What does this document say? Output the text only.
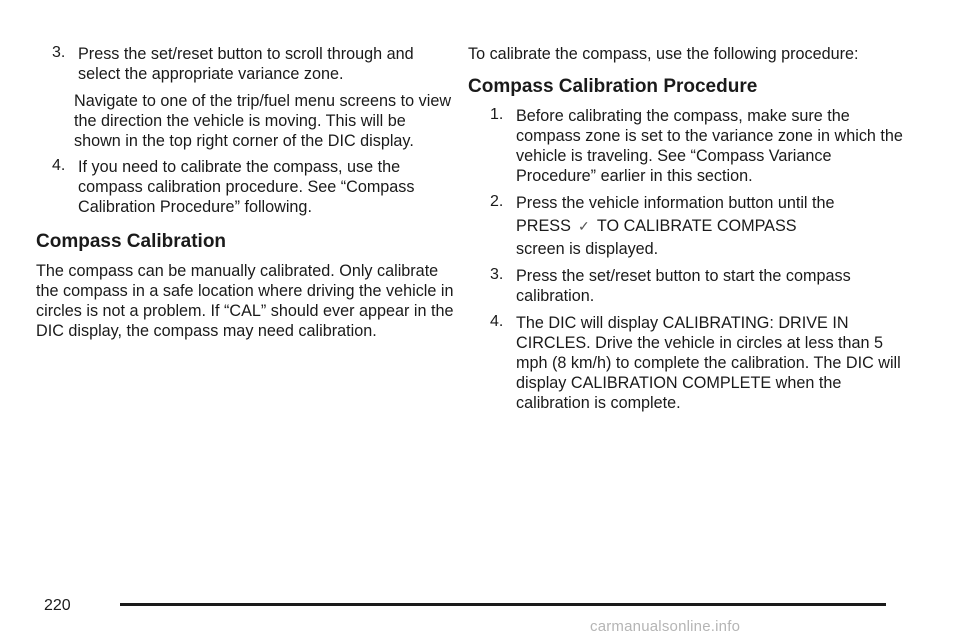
3. Press the set/reset button to scroll through and select the appropriate variance zone.

Navigate to one of the trip/fuel menu screens to view the direction the vehicle is moving. This will be shown in the top right corner of the DIC display.

4. If you need to calibrate the compass, use the compass calibration procedure. See “Compass Calibration Procedure” following.

Compass Calibration

The compass can be manually calibrated. Only calibrate the compass in a safe location where driving the vehicle in circles is not a problem. If “CAL” should ever appear in the DIC display, the compass may need calibration.

To calibrate the compass, use the following procedure:

Compass Calibration Procedure
1. Before calibrating the compass, make sure the compass zone is set to the variance zone in which the vehicle is traveling. See “Compass Variance Procedure” earlier in this section.

2. Press the vehicle information button until the

PRESS ✓ TO CALIBRATE COMPASS

screen is displayed.

3. Press the set/reset button to start the compass calibration.

4. The DIC will display CALIBRATING: DRIVE IN CIRCLES. Drive the vehicle in circles at less than 5 mph (8 km/h) to complete the calibration. The DIC will display CALIBRATION COMPLETE when the calibration is complete.

220
carmanualsonline.info
